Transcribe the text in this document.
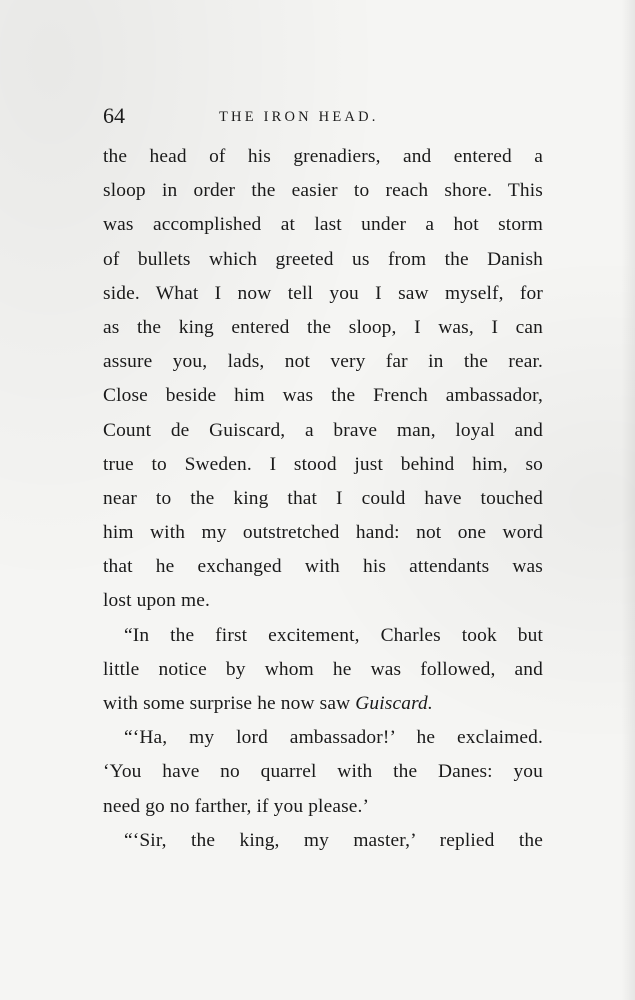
64	THE IRON HEAD.
the head of his grenadiers, and entered a
sloop in order the easier to reach shore. This
was accomplished at last under a hot storm
of bullets which greeted us from the Danish
side. What I now tell you I saw myself, for
as the king entered the sloop, I was, I can
assure you, lads, not very far in the rear.
Close beside him was the French ambassador,
Count de Guiscard, a brave man, loyal and
true to Sweden. I stood just behind him, so
near to the king that I could have touched
him with my outstretched hand: not one word
that he exchanged with his attendants was
lost upon me.
“In the first excitement, Charles took but
little notice by whom he was followed, and
with some surprise he now saw Guiscard.
“‘Ha, my lord ambassador!’ he exclaimed.
‘You have no quarrel with the Danes: you
need go no farther, if you please.’
“‘Sir, the king, my master,’ replied the
